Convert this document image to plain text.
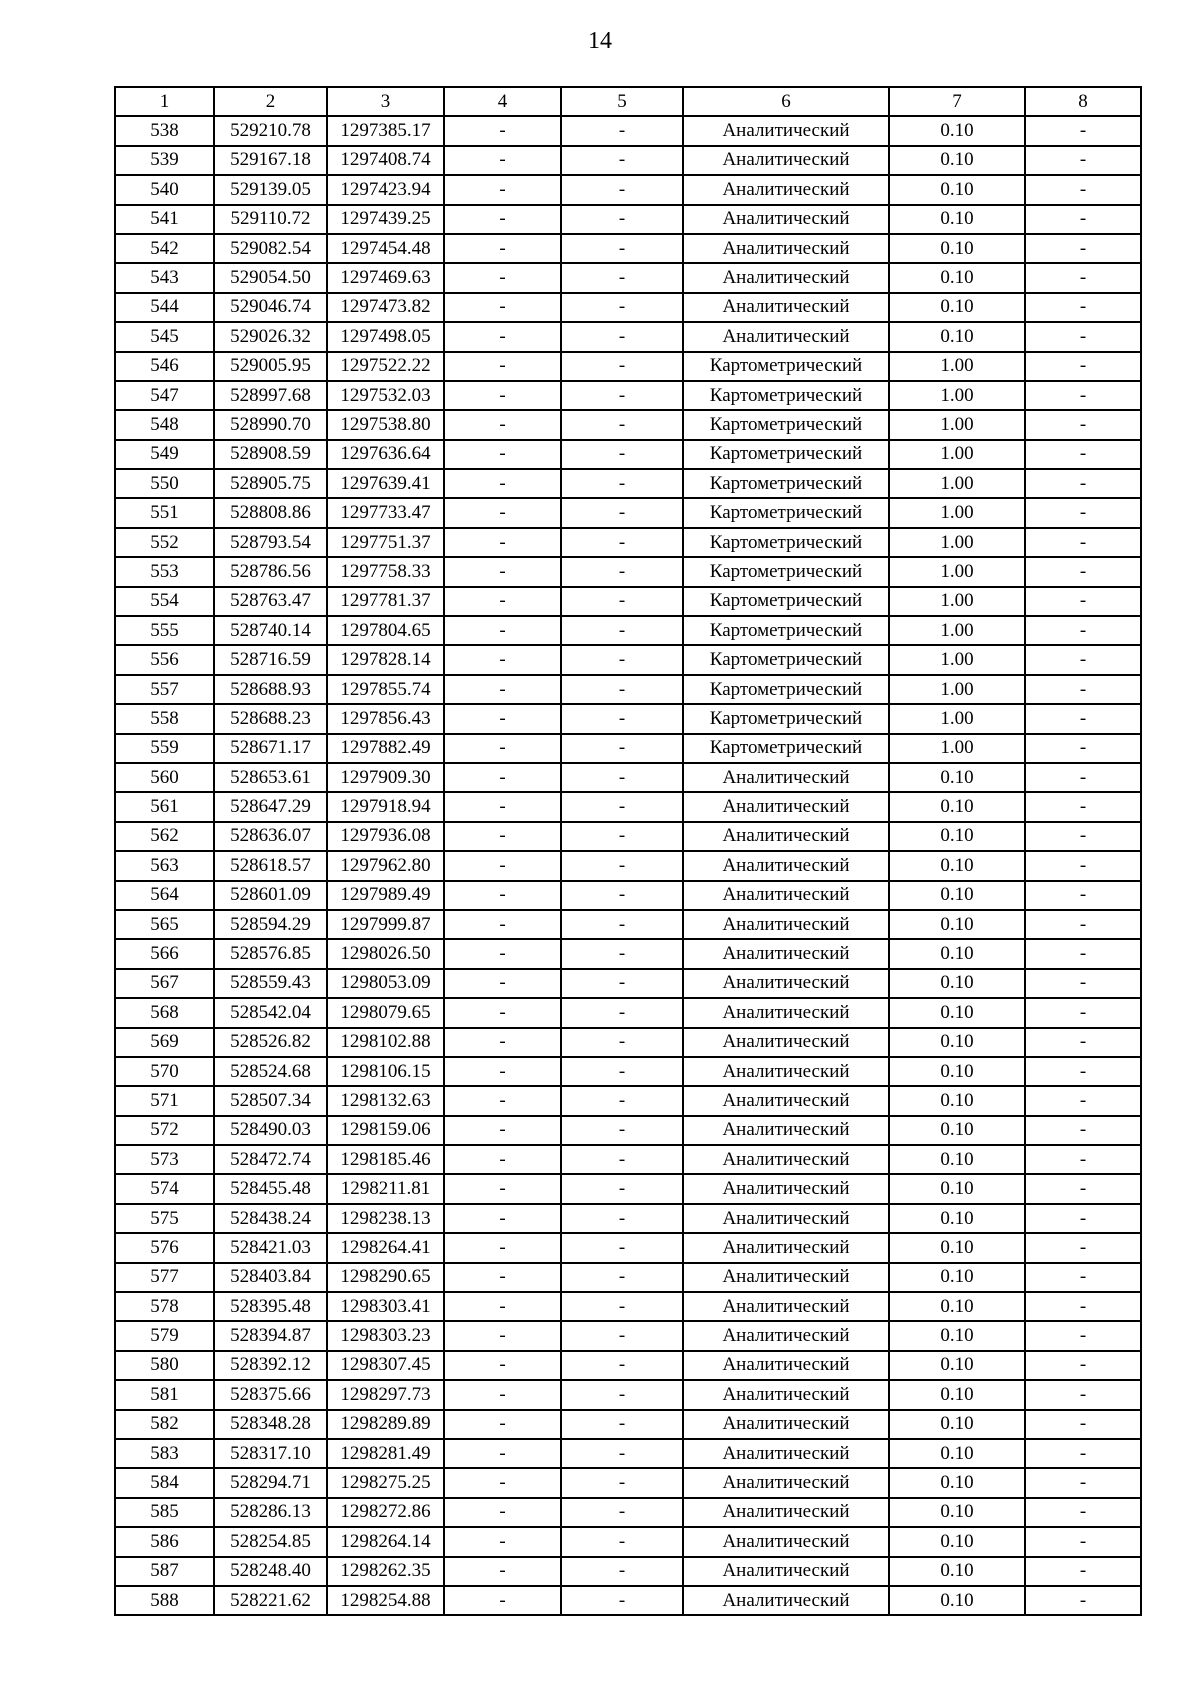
14
1	2	3	4	5	6	7	8
538	529210.78	1297385.17	-	-	Аналитический	0.10	-
539	529167.18	1297408.74	-	-	Аналитический	0.10	-
540	529139.05	1297423.94	-	-	Аналитический	0.10	-
541	529110.72	1297439.25	-	-	Аналитический	0.10	-
542	529082.54	1297454.48	-	-	Аналитический	0.10	-
543	529054.50	1297469.63	-	-	Аналитический	0.10	-
544	529046.74	1297473.82	-	-	Аналитический	0.10	-
545	529026.32	1297498.05	-	-	Аналитический	0.10	-
546	529005.95	1297522.22	-	-	Картометрический	1.00	-
547	528997.68	1297532.03	-	-	Картометрический	1.00	-
548	528990.70	1297538.80	-	-	Картометрический	1.00	-
549	528908.59	1297636.64	-	-	Картометрический	1.00	-
550	528905.75	1297639.41	-	-	Картометрический	1.00	-
551	528808.86	1297733.47	-	-	Картометрический	1.00	-
552	528793.54	1297751.37	-	-	Картометрический	1.00	-
553	528786.56	1297758.33	-	-	Картометрический	1.00	-
554	528763.47	1297781.37	-	-	Картометрический	1.00	-
555	528740.14	1297804.65	-	-	Картометрический	1.00	-
556	528716.59	1297828.14	-	-	Картометрический	1.00	-
557	528688.93	1297855.74	-	-	Картометрический	1.00	-
558	528688.23	1297856.43	-	-	Картометрический	1.00	-
559	528671.17	1297882.49	-	-	Картометрический	1.00	-
560	528653.61	1297909.30	-	-	Аналитический	0.10	-
561	528647.29	1297918.94	-	-	Аналитический	0.10	-
562	528636.07	1297936.08	-	-	Аналитический	0.10	-
563	528618.57	1297962.80	-	-	Аналитический	0.10	-
564	528601.09	1297989.49	-	-	Аналитический	0.10	-
565	528594.29	1297999.87	-	-	Аналитический	0.10	-
566	528576.85	1298026.50	-	-	Аналитический	0.10	-
567	528559.43	1298053.09	-	-	Аналитический	0.10	-
568	528542.04	1298079.65	-	-	Аналитический	0.10	-
569	528526.82	1298102.88	-	-	Аналитический	0.10	-
570	528524.68	1298106.15	-	-	Аналитический	0.10	-
571	528507.34	1298132.63	-	-	Аналитический	0.10	-
572	528490.03	1298159.06	-	-	Аналитический	0.10	-
573	528472.74	1298185.46	-	-	Аналитический	0.10	-
574	528455.48	1298211.81	-	-	Аналитический	0.10	-
575	528438.24	1298238.13	-	-	Аналитический	0.10	-
576	528421.03	1298264.41	-	-	Аналитический	0.10	-
577	528403.84	1298290.65	-	-	Аналитический	0.10	-
578	528395.48	1298303.41	-	-	Аналитический	0.10	-
579	528394.87	1298303.23	-	-	Аналитический	0.10	-
580	528392.12	1298307.45	-	-	Аналитический	0.10	-
581	528375.66	1298297.73	-	-	Аналитический	0.10	-
582	528348.28	1298289.89	-	-	Аналитический	0.10	-
583	528317.10	1298281.49	-	-	Аналитический	0.10	-
584	528294.71	1298275.25	-	-	Аналитический	0.10	-
585	528286.13	1298272.86	-	-	Аналитический	0.10	-
586	528254.85	1298264.14	-	-	Аналитический	0.10	-
587	528248.40	1298262.35	-	-	Аналитический	0.10	-
588	528221.62	1298254.88	-	-	Аналитический	0.10	-
